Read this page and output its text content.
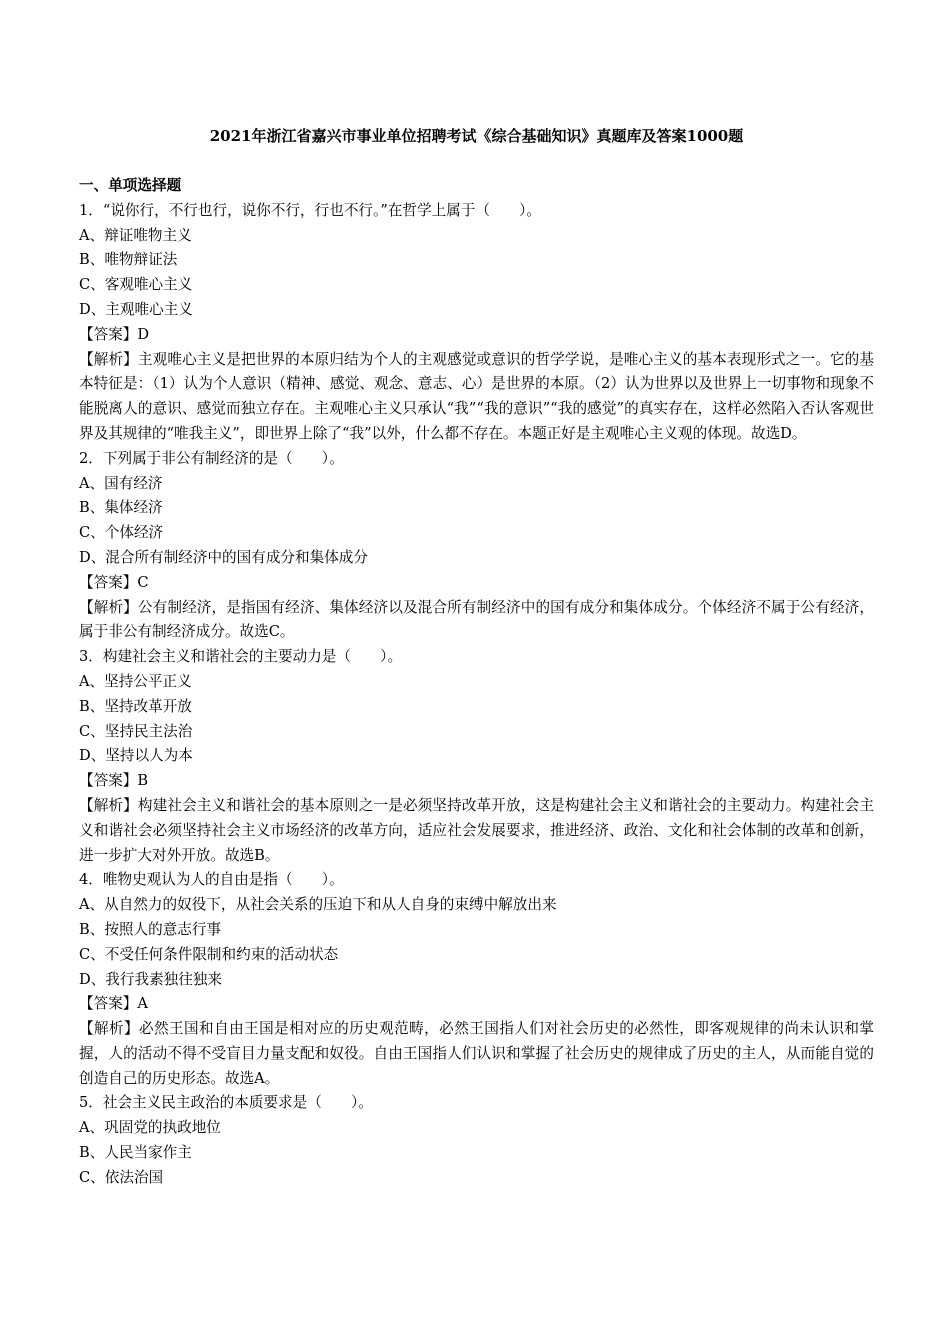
2021年浙江省嘉兴市事业单位招聘考试《综合基础知识》真题库及答案1000题

一、单项选择题

1．“说你行，不行也行，说你不行，行也不行。”在哲学上属于（　　）。

A、辩证唯物主义

B、唯物辩证法

C、客观唯心主义

D、主观唯心主义

【答案】D

【解析】主观唯心主义是把世界的本原归结为个人的主观感觉或意识的哲学学说，是唯心主义的基本表现形式之一。它的基本特征是：（1）认为个人意识（精神、感觉、观念、意志、心）是世界的本原。（2）认为世界以及世界上一切事物和现象不能脱离人的意识、感觉而独立存在。主观唯心主义只承认“我”“我的意识”“我的感觉”的真实存在，这样必然陷入否认客观世界及其规律的“唯我主义”，即世界上除了“我”以外，什么都不存在。本题正好是主观唯心主义观的体现。故选D。

2．下列属于非公有制经济的是（　　）。

A、国有经济

B、集体经济

C、个体经济

D、混合所有制经济中的国有成分和集体成分

【答案】C

【解析】公有制经济，是指国有经济、集体经济以及混合所有制经济中的国有成分和集体成分。个体经济不属于公有经济，属于非公有制经济成分。故选C。

3．构建社会主义和谐社会的主要动力是（　　）。

A、坚持公平正义

B、坚持改革开放

C、坚持民主法治

D、坚持以人为本

【答案】B

【解析】构建社会主义和谐社会的基本原则之一是必须坚持改革开放，这是构建社会主义和谐社会的主要动力。构建社会主义和谐社会必须坚持社会主义市场经济的改革方向，适应社会发展要求，推进经济、政治、文化和社会体制的改革和创新，进一步扩大对外开放。故选B。

4．唯物史观认为人的自由是指（　　）。

A、从自然力的奴役下，从社会关系的压迫下和从人自身的束缚中解放出来

B、按照人的意志行事

C、不受任何条件限制和约束的活动状态

D、我行我素独往独来

【答案】A

【解析】必然王国和自由王国是相对应的历史观范畴，必然王国指人们对社会历史的必然性，即客观规律的尚未认识和掌握，人的活动不得不受盲目力量支配和奴役。自由王国指人们认识和掌握了社会历史的规律成了历史的主人，从而能自觉的创造自己的历史形态。故选A。

5．社会主义民主政治的本质要求是（　　）。

A、巩固党的执政地位

B、人民当家作主

C、依法治国
